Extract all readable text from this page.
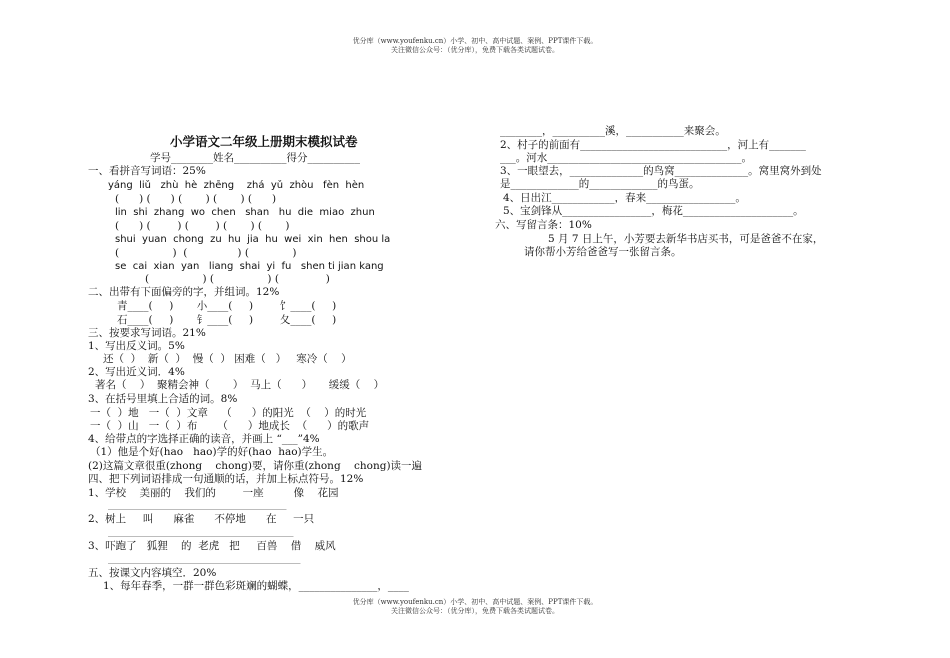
优分库（www.youfenku.cn）小学、初中、高中试题、案例、PPT课件下载。
关注微信公众号：（优分库），免费下载各类试题试卷。
小学语文二年级上册期末模拟试卷
学号________姓名__________得分__________
一、看拼音写词语：25%
yáng  liǔ   zhù  hè  zhēng    zhá  yǔ  zhòu   fèn  hèn
(      ) (      ) (       ) (       ) (      )
lin  shi  zhang  wo  chen   shan   hu  die  miao  zhun
(      ) (        ) (        ) (       ) (       )
shui  yuan  chong  zu  hu  jia  hu  wei  xin  hen  shou la
(                )  (               ) (             )
se  cai  xian  yan   liang  shai  yi  fu   shen ti jian kang
(                ) (                ) (              )
二、出带有下面偏旁的字，并组词。12%
青____(     )       小____(     )        饣____(     )
石____(     )       钅____(     )        夂____(     )
三、按要求写词语。21%
1、写出反义词。5%
还（  ）  新（  ）  慢（  ） 困难（   ）   寒冷（    ）
2、写出近义词．4%
著名（    ）  聚精会神（       ）  马上（      ）     缓缓（    ）
3、在括号里填上合适的词。8%
一（  ）地   一（  ）文章    （      ）的阳光  （    ）的时光
一（  ）山   一（  ）布      （      ）地成长  （      ）的歌声
4、给带点的字选择正确的读音，并画上 “___”4%
（1）他是个好(hao   hao)学的好(hao  hao)学生。
(2)这篇文章很重(zhong    chong)要，请你重(zhong    chong)读一遍
四、把下列词语排成一句通顺的话，并加上标点符号。12%
1、学校    美丽的    我们的        一座         像    花园
___________________________________________________
2、树上     叫      麻雀      不停地      在     一只
_____________________________________________________
3、吓跑了   狐狸    的  老虎   把     百兽    借    威风
_______________________________________________________
五、按课文内容填空．20%
1、每年春季，一群一群色彩斑斓的蝴蝶，_______________，____
________，__________溪，___________来聚会。
2、村子的前面有____________________________，河上有_______
___。河水_____________________________________。
3、一眼望去，______________的鸟窝______________。窝里窝外到处
是_____________的_____________的鸟蛋。
4、日出江____________，春来_________________。
5、宝剑锋从_________________，梅花_____________________。
六、写留言条：10%
5 月 7 日上午，小芳要去新华书店买书，可是爸爸不在家，
请你帮小芳给爸爸写一张留言条。
优分库（www.youfenku.cn）小学、初中、高中试题、案例、PPT课件下载。
关注微信公众号：（优分库），免费下载各类试题试卷。
